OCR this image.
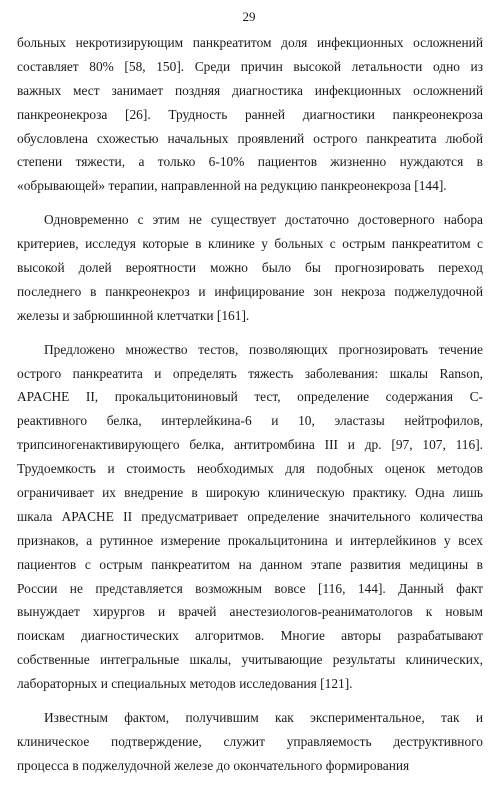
29
больных некротизирующим панкреатитом доля инфекционных осложнений
составляет 80% [58, 150]. Среди причин высокой летальности одно из
важных мест занимает поздняя диагностика инфекционных осложнений
панкреонекроза [26]. Трудность ранней диагностики панкреонекроза
обусловлена схожестью начальных проявлений острого панкреатита любой
степени тяжести, а только 6-10% пациентов жизненно нуждаются в
«обрывающей» терапии, направленной на редукцию панкреонекроза [144].
Одновременно с этим не существует достаточно достоверного набора
критериев, исследуя которые в клинике у больных с острым панкреатитом с
высокой долей вероятности можно было бы прогнозировать переход
последнего в панкреонекроз и инфицирование зон некроза поджелудочной
железы и забрюшинной клетчатки [161].
Предложено множество тестов, позволяющих прогнозировать течение
острого панкреатита и определять тяжесть заболевания: шкалы Ranson,
APACHE II, прокальцитониновый тест, определение содержания С-
реактивного белка, интерлейкина-6 и 10, эластазы нейтрофилов,
трипсиногенактивирующего белка, антитромбина III и др. [97, 107, 116].
Трудоемкость и стоимость необходимых для подобных оценок методов
ограничивает их внедрение в широкую клиническую практику. Одна лишь
шкала APACHE II предусматривает определение значительного количества
признаков, а рутинное измерение прокальцитонина и интерлейкинов у всех
пациентов с острым панкреатитом на данном этапе развития медицины в
России не представляется возможным вовсе [116, 144]. Данный факт
вынуждает хирургов и врачей анестезиологов-реаниматологов к новым
поискам диагностических алгоритмов. Многие авторы разрабатывают
собственные интегральные шкалы, учитывающие результаты клинических,
лабораторных и специальных методов исследования [121].
Известным фактом, получившим как экспериментальное, так и
клиническое подтверждение, служит управляемость деструктивного
процесса в поджелудочной железе до окончательного формирования
